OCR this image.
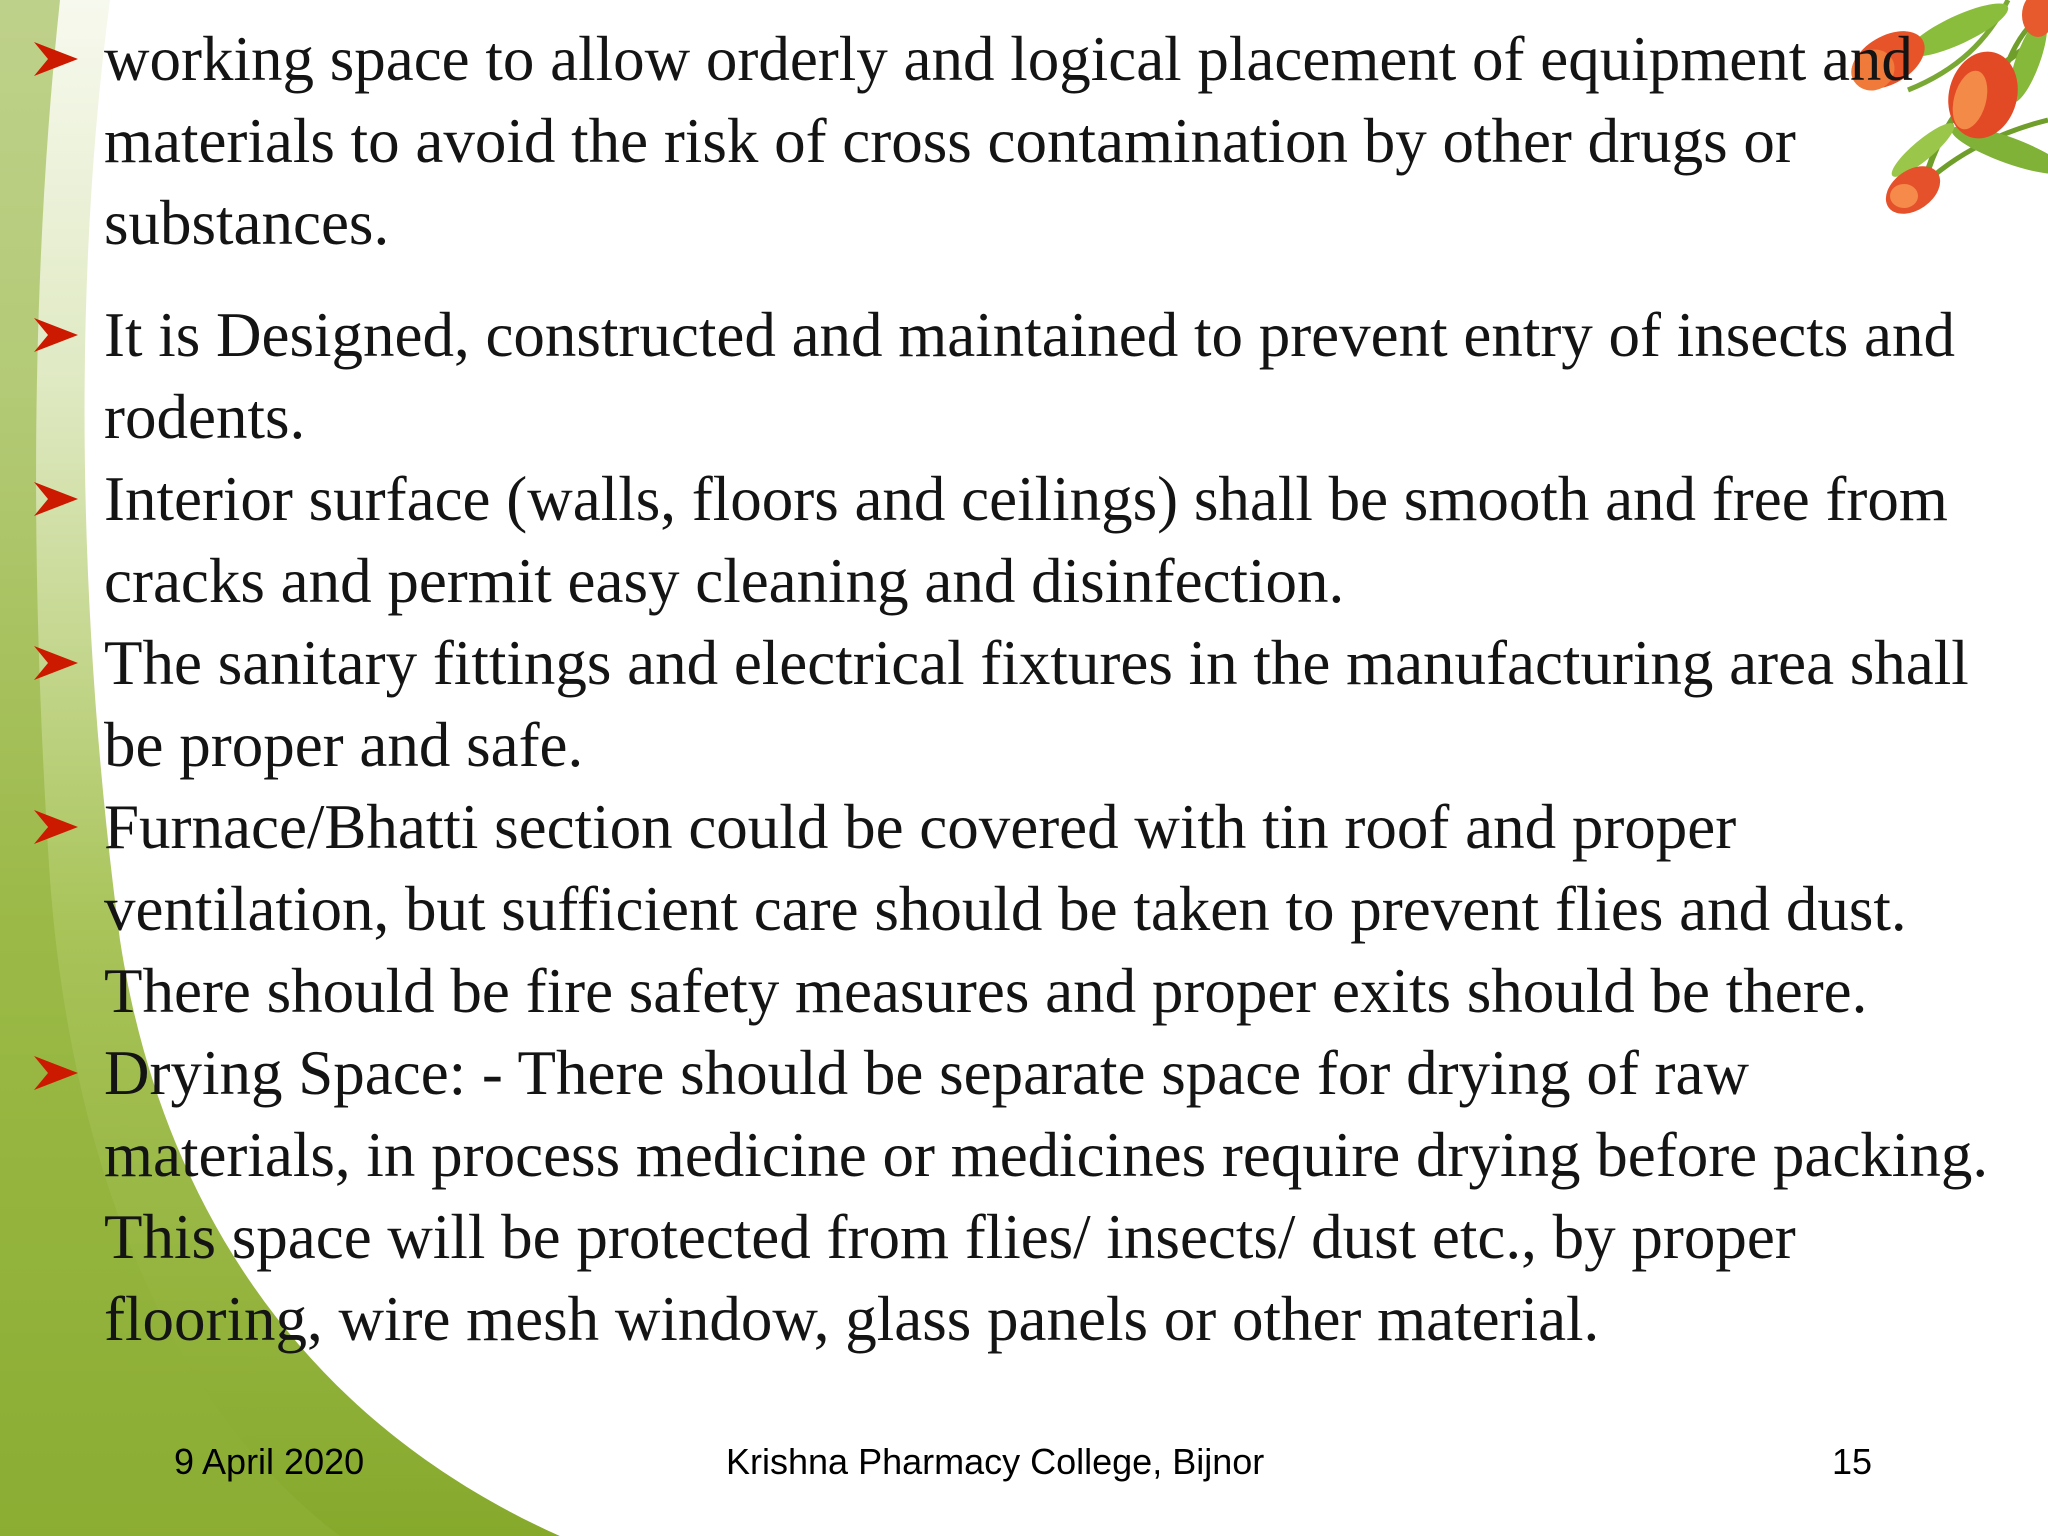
working space to allow orderly and logical placement of equipment and materials to avoid the risk of cross contamination by other drugs or substances.
It is Designed, constructed and maintained to prevent entry of insects and rodents.
Interior surface (walls, floors and ceilings) shall be smooth and free from cracks and permit easy cleaning and disinfection.
The sanitary fittings and electrical fixtures in the manufacturing area shall be proper and safe.
Furnace/Bhatti section could be covered with tin roof and proper ventilation, but sufficient care should be taken to prevent flies and dust. There should be fire safety measures and proper exits should be there.
Drying Space: - There should be separate space for drying of raw materials, in process medicine or medicines require drying before packing. This space will be protected from flies/ insects/ dust etc., by proper flooring, wire mesh window, glass panels or other material.
9 April 2020	Krishna Pharmacy College, Bijnor	15
